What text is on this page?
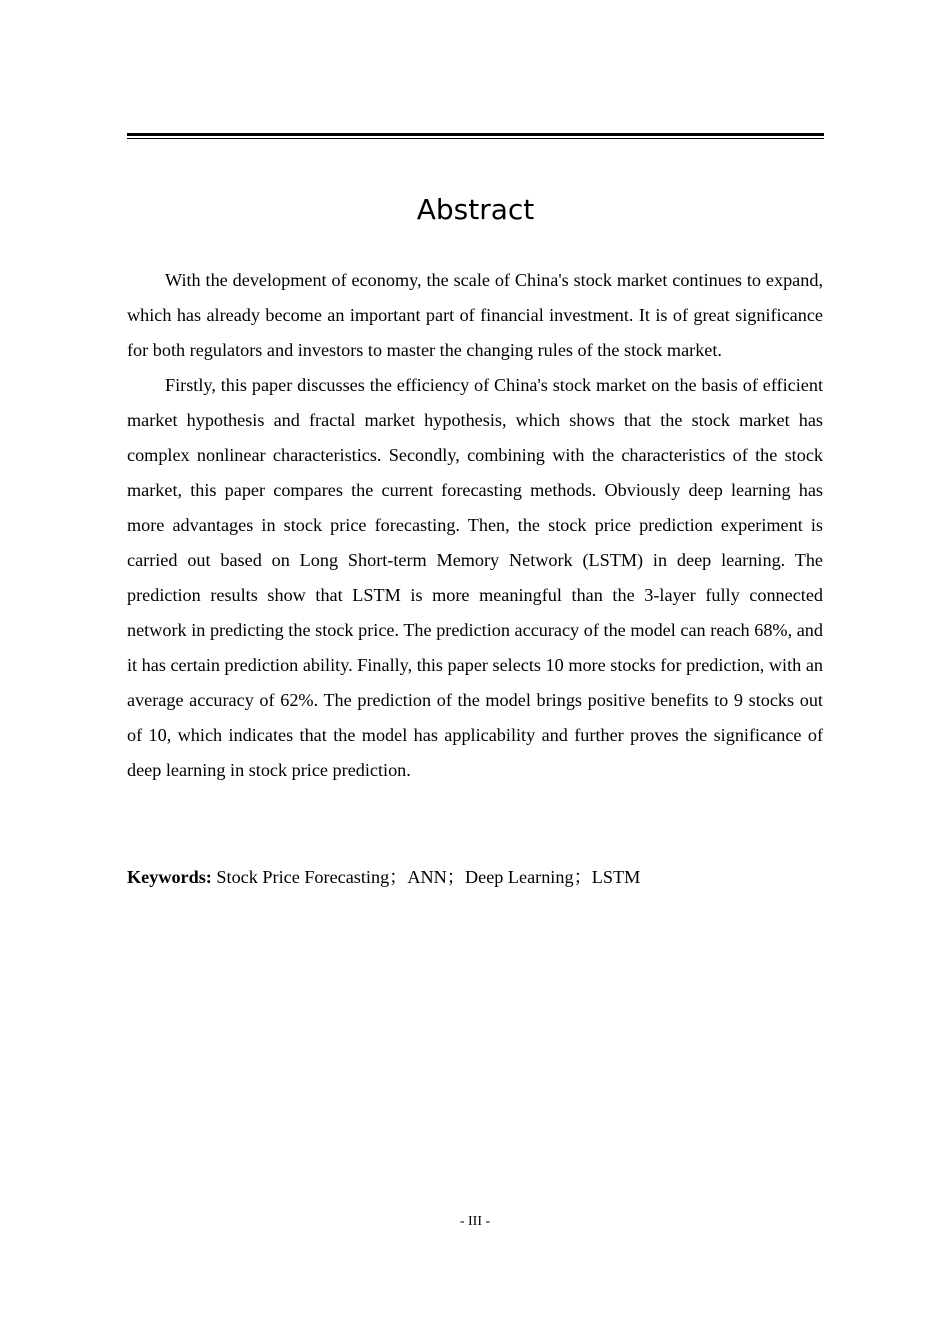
Abstract

With the development of economy, the scale of China's stock market continues to expand, which has already become an important part of financial investment. It is of great significance for both regulators and investors to master the changing rules of the stock market.

Firstly, this paper discusses the efficiency of China's stock market on the basis of efficient market hypothesis and fractal market hypothesis, which shows that the stock market has complex nonlinear characteristics. Secondly, combining with the characteristics of the stock market, this paper compares the current forecasting methods. Obviously deep learning has more advantages in stock price forecasting. Then, the stock price prediction experiment is carried out based on Long Short-term Memory Network (LSTM) in deep learning. The prediction results show that LSTM is more meaningful than the 3-layer fully connected network in predicting the stock price. The prediction accuracy of the model can reach 68%, and it has certain prediction ability. Finally, this paper selects 10 more stocks for prediction, with an average accuracy of 62%. The prediction of the model brings positive benefits to 9 stocks out of 10, which indicates that the model has applicability and further proves the significance of deep learning in stock price prediction.

Keywords: Stock Price Forecasting；ANN；Deep Learning；LSTM
- III -
